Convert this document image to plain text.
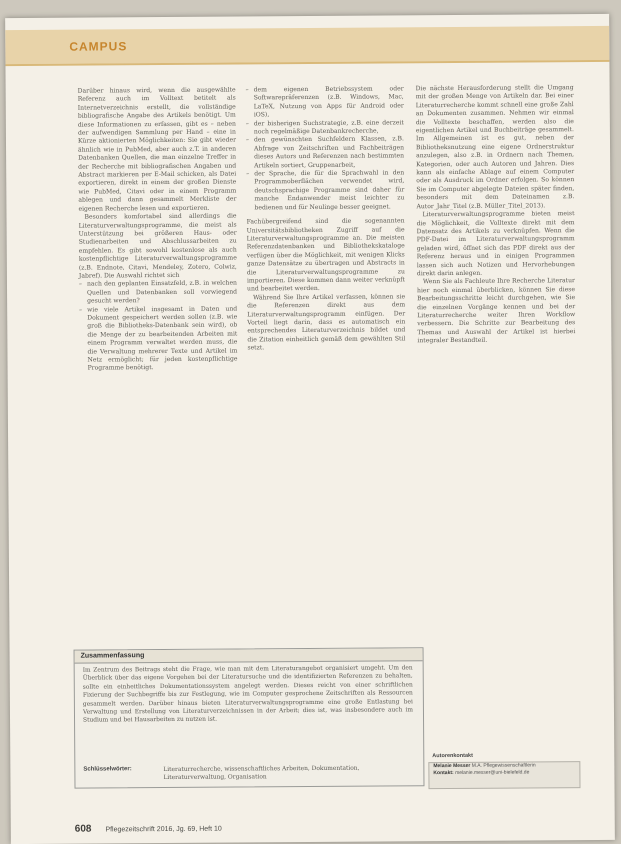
CAMPUS

Darüber hinaus wird, wenn die ausgewählte Referenz auch im Volltext betitelt als Internetverzeichnis erstellt, die vollständige bibliografische Angabe des Artikels benötigt. Um diese Informationen zu erfassen, gibt es – neben der aufwendigen Sammlung per Hand – eine in Kürze aktionierten Möglichkeiten: Sie gibt wieder ähnlich wie in PubMed, aber auch z.T. in anderen Datenbanken Quellen, die man einzelne Treffer in der Recherche mit bibliografischen Angaben und Abstract markieren per E-Mail schicken, als Datei exportieren, direkt in einem der großen Dienste wie PubMed, Citavi oder in einem Programm ablegen und dann gesammelt Merkliste der eigenen Recherche lesen und exportieren.

Besonders komfortabel sind allerdings die Literaturverwaltungsprogramme, die meist als Unterstützung bei größeren Haus- oder Studienarbeiten und Abschlussarbeiten zu empfehlen. Es gibt sowohl kostenlose als auch kostenpflichtige Literaturverwaltungsprogramme (z.B. Endnote, Citavi, Mendeley, Zotero, Colwiz, Jabref). Die Auswahl richtet sich

– nach den geplanten Einsatzfeld, z.B. in welchen Quellen und Datenbanken soll vorwiegend gesucht werden?
– wie viele Artikel insgesamt in Daten und Dokument gespeichert werden sollen (z.B. wie groß die Bibliotheks-Datenbank sein wird), ob die Menge der zu bearbeitenden Arbeiten mit einem Programm verwaltet werden muss, die die Verwaltung mehrerer Texte und Artikel im Netz ermöglicht; für jeden kostenpflichtige Programme benötigt.
– dem eigenen Betriebssystem oder Softwarepräferenzen (z.B. Windows, Mac, LaTeX, Nutzung von Apps für Android oder iOS),
– der bisherigen Suchstrategie, z.B. eine derzeit noch regelmäßige Datenbankrecherche,
– den gewünschten Suchfeldern Klassen, z.B. Abfrage von Zeitschriften und Fachbeiträgen dieses Autors und Referenzen nach bestimmten Artikeln sortiert, Gruppenarbeit,
– der Sprache, die für die Sprachwahl in den Programmoberflächen verwendet wird, deutschsprachige Programme sind daher für manche Endanwender meist leichter zu bedienen und für Neulinge besser geeignet.

Fachübergreifend sind die sogenannten Universitätsbibliotheken Zugriff auf die Literaturverwaltungsprogramme an. Die meisten Referenzdatenbanken und Bibliothekskataloge verfügen über die Möglichkeit, mit wenigen Klicks ganze Datensätze zu übertragen und Abstracts in die Literaturverwaltungsprogramme zu importieren. Diese kommen dann weiter verknüpft und bearbeitet werden.

Während Sie Ihre Artikel verfassen, können sie die Referenzen direkt aus dem Literaturverwaltungsprogramm einfügen. Der Vorteil liegt darin, dass es automatisch ein entsprechendes Literaturverzeichnis bildet und die Zitation einheitlich gemäß dem gewählten Stil setzt.

Die nächste Herausforderung stellt die Umgang mit der großen Menge von Artikeln dar. Bei einer Literaturrecherche kommt schnell eine große Zahl an Dokumenten zusammen. Nehmen wir einmal die Volltexte beschaffen, werden also die eigentlichen Artikel und Buchbeiträge gesammelt. Im Allgemeinen ist es gut, neben der Bibliotheksnutzung eine eigene Ordnerstruktur anzulegen, also z.B. in Ordnern nach Themen, Kategorien, oder auch Autoren und Jahren. Dies kann als einfache Ablage auf einem Computer oder als Ausdruck im Ordner erfolgen. So können Sie im Computer abgelegte Dateien später finden, besonders mit dem Dateinamen z.B. Autor_Jahr_Titel (z.B. Müller_Titel_2013).

Literaturverwaltungsprogramme bieten meist die Möglichkeit, die Volltexte direkt mit dem Datensatz des Artikels zu verknüpfen. Wenn die PDF-Datei im Literaturverwaltungsprogramm geladen wird, öffnet sich das PDF direkt aus der Referenz heraus und in einigen Programmen lassen sich auch Notizen und Hervorhebungen direkt darin anlegen.

Wenn Sie als Fachleute Ihre Recherche Literatur hier noch einmal überblicken, können Sie diese Bearbeitungsschritte leicht durchgehen, wie Sie die einzelnen Vorgänge kennen und bei der Literaturrecherche weiter Ihren Workflow verbessern. Die Schritte zur Bearbeitung des Themas und Auswahl der Artikel ist hierbei integraler Bestandteil.

Zusammenfassung
Im Zentrum des Beitrags steht die Frage, wie man mit dem Literaturangebot organisiert umgeht. Um den Überblick über das eigene Vorgehen bei der Literatursuche und die identifizierten Referenzen zu behalten, sollte ein einheitliches Dokumentationssystem angelegt werden. Dieses reicht von einer schriftlichen Fixierung der Suchbegriffe bis zur Festlegung, wie im Computer gesprochene Zeitschriften als Ressourcen gesammelt werden. Darüber hinaus bieten Literaturverwaltungsprogramme eine große Entlastung bei Verwaltung und Erstellung von Literaturverzeichnissen in der Arbeit; dies ist, was insbesondere auch im Studium und bei Hausarbeiten zu nutzen ist.
Schlüsselwörter:	Literaturrecherche, wissenschaftliches Arbeiten, Dokumentation, Literaturverwaltung, Organisation
Autorenkontakt
Melanie Messer M.A. Pflegewissenschaftlerin
Kontakt: melanie.messer@uni-bielefeld.de
608 Pflegezeitschrift 2016, Jg. 69, Heft 10
